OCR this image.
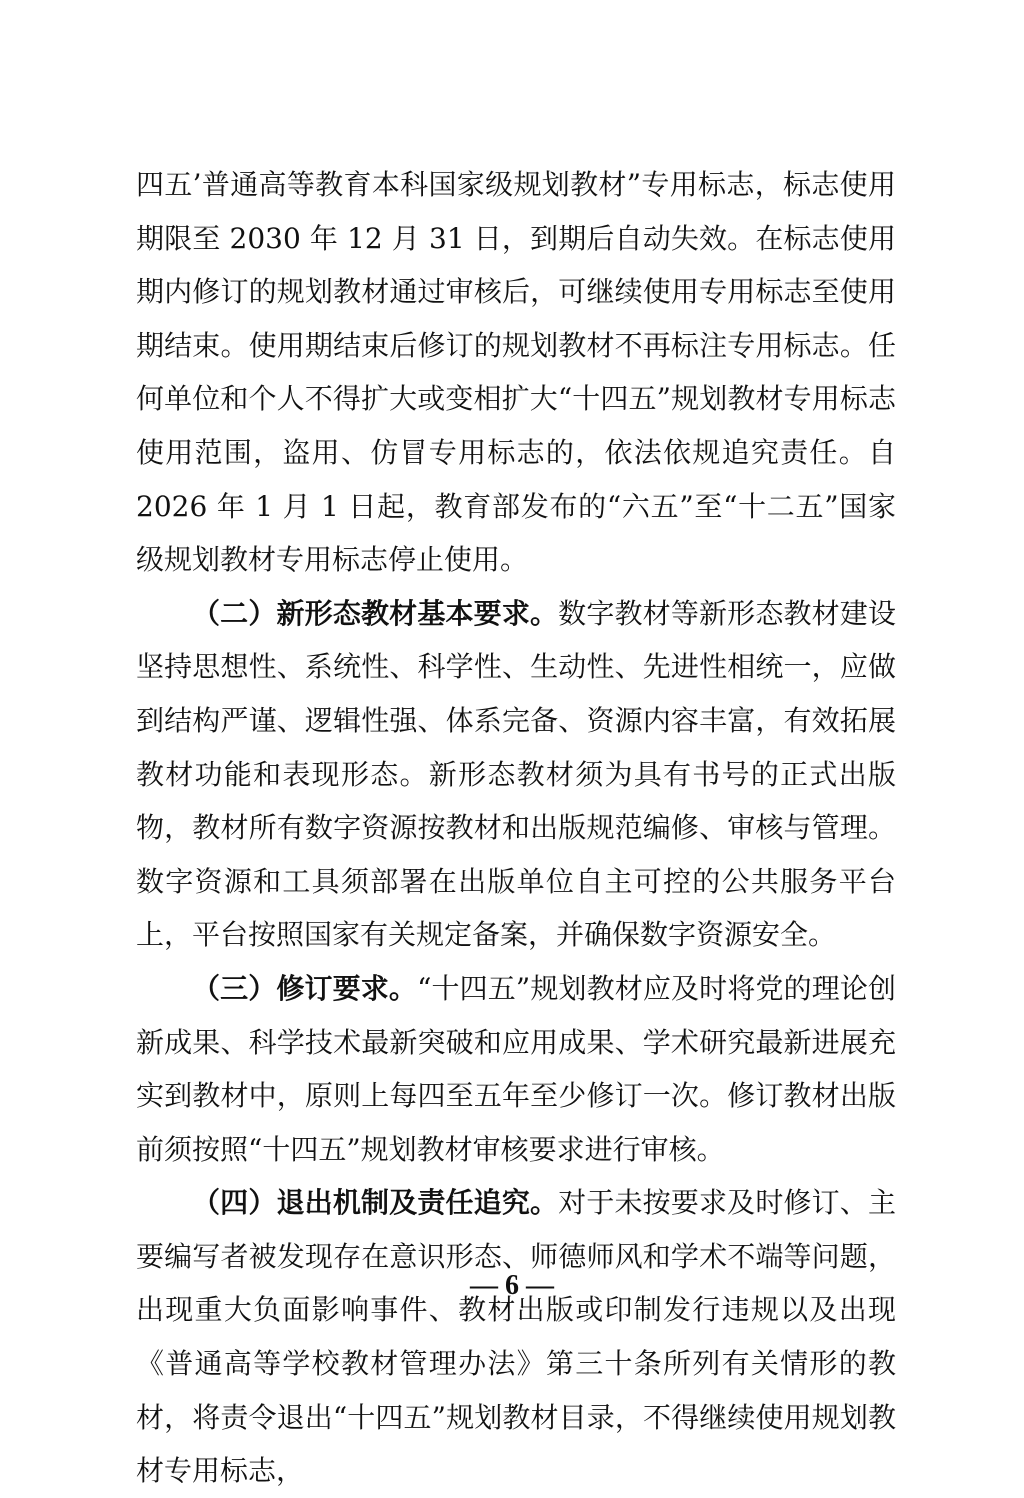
四五’普通高等教育本科国家级规划教材”专用标志，标志使用期限至 2030 年 12 月 31 日，到期后自动失效。在标志使用期内修订的规划教材通过审核后，可继续使用专用标志至使用期结束。使用期结束后修订的规划教材不再标注专用标志。任何单位和个人不得扩大或变相扩大“十四五”规划教材专用标志使用范围，盗用、仿冒专用标志的，依法依规追究责任。自 2026 年 1 月 1 日起，教育部发布的“六五”至“十二五”国家级规划教材专用标志停止使用。

（二）新形态教材基本要求。数字教材等新形态教材建设坚持思想性、系统性、科学性、生动性、先进性相统一，应做到结构严谨、逻辑性强、体系完备、资源内容丰富，有效拓展教材功能和表现形态。新形态教材须为具有书号的正式出版物，教材所有数字资源按教材和出版规范编修、审核与管理。数字资源和工具须部署在出版单位自主可控的公共服务平台上，平台按照国家有关规定备案，并确保数字资源安全。

（三）修订要求。“十四五”规划教材应及时将党的理论创新成果、科学技术最新突破和应用成果、学术研究最新进展充实到教材中，原则上每四至五年至少修订一次。修订教材出版前须按照“十四五”规划教材审核要求进行审核。

（四）退出机制及责任追究。对于未按要求及时修订、主要编写者被发现存在意识形态、师德师风和学术不端等问题，出现重大负面影响事件、教材出版或印制发行违规以及出现《普通高等学校教材管理办法》第三十条所列有关情形的教材，将责令退出“十四五”规划教材目录，不得继续使用规划教材专用标志，

— 6 —
